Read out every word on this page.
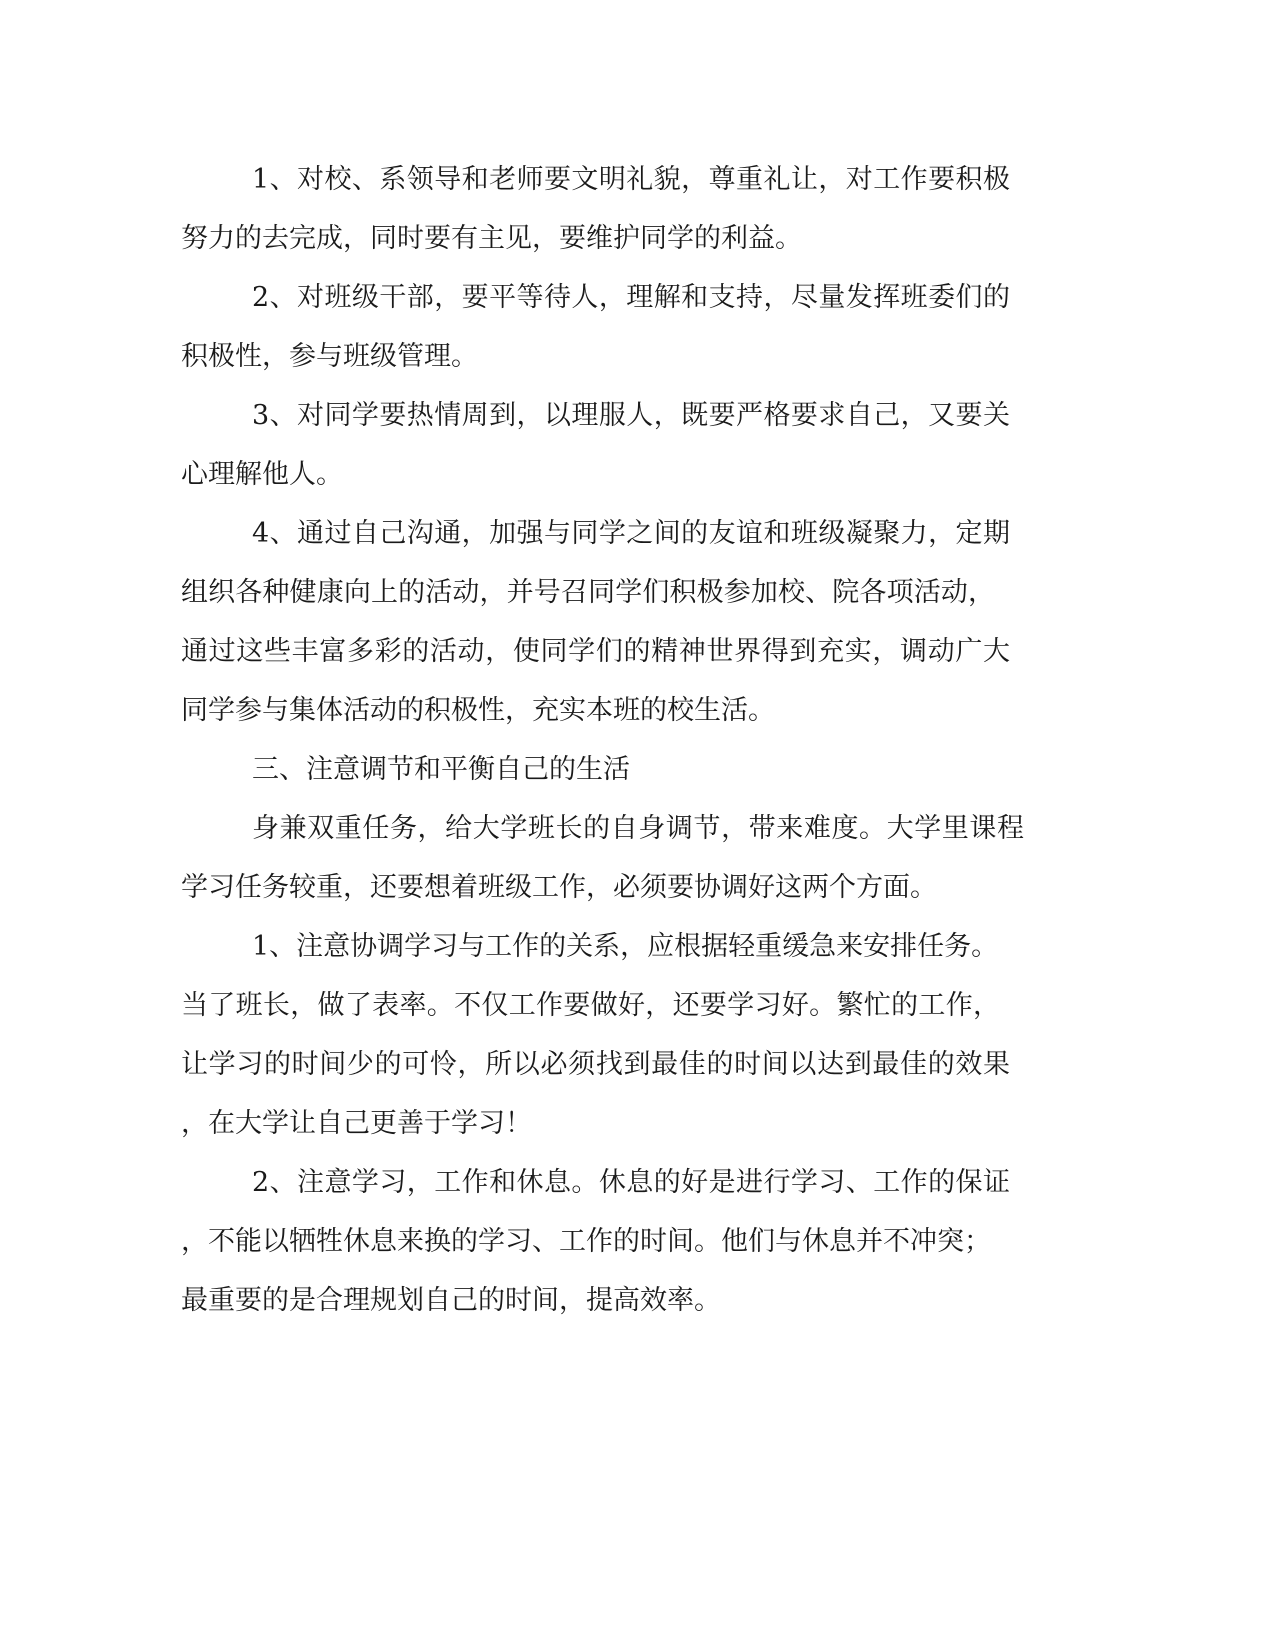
1、对校、系领导和老师要文明礼貌，尊重礼让，对工作要积极
努力的去完成，同时要有主见，要维护同学的利益。
2、对班级干部，要平等待人，理解和支持，尽量发挥班委们的
积极性，参与班级管理。
3、对同学要热情周到，以理服人，既要严格要求自己，又要关
心理解他人。
4、通过自己沟通，加强与同学之间的友谊和班级凝聚力，定期
组织各种健康向上的活动，并号召同学们积极参加校、院各项活动，
通过这些丰富多彩的活动，使同学们的精神世界得到充实，调动广大
同学参与集体活动的积极性，充实本班的校生活。
三、注意调节和平衡自己的生活
身兼双重任务，给大学班长的自身调节，带来难度。大学里课程
学习任务较重，还要想着班级工作，必须要协调好这两个方面。
1、注意协调学习与工作的关系，应根据轻重缓急来安排任务。
当了班长，做了表率。不仅工作要做好，还要学习好。繁忙的工作，
让学习的时间少的可怜，所以必须找到最佳的时间以达到最佳的效果
，在大学让自己更善于学习！
2、注意学习，工作和休息。休息的好是进行学习、工作的保证
，不能以牺牲休息来换的学习、工作的时间。他们与休息并不冲突；
最重要的是合理规划自己的时间，提高效率。
